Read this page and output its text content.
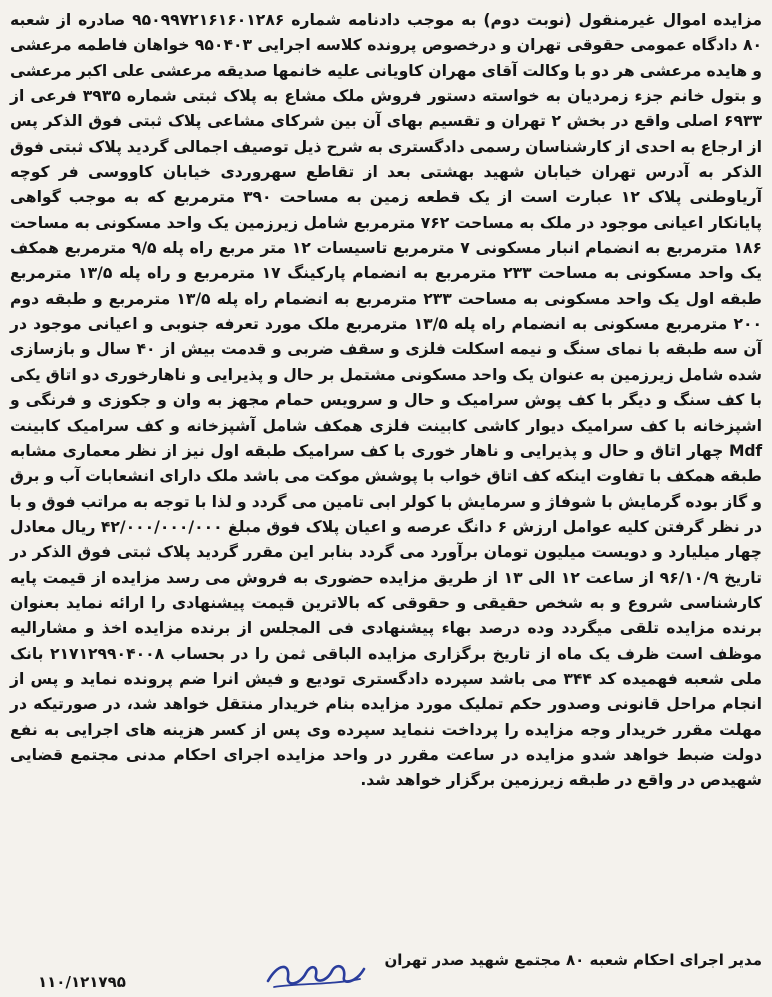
مزایده اموال غیرمنقول (نوبت دوم) به موجب دادنامه شماره ۹۵۰۹۹۷۲۱۶۱۶۰۱۲۸۶ صادره از شعبه ۸۰ دادگاه عمومی حقوقی تهران و درخصوص پرونده کلاسه اجرایی ۹۵۰۴۰۳ خواهان فاطمه مرعشی و هایده مرعشی هر دو با وکالت آقای مهران کاویانی علیه خانمها صدیقه مرعشی علی اکبر مرعشی و بتول خانم جزء زمردیان به خواسته دستور فروش ملک مشاع به پلاک ثبتی شماره ۳۹۳۵ فرعی از ۶۹۳۳ اصلی واقع در بخش ۲ تهران و تقسیم بهای آن بین شرکای مشاعی پلاک ثبتی فوق الذکر پس از ارجاع به احدی از کارشناسان رسمی دادگستری به شرح ذیل توصیف اجمالی گردید پلاک ثبتی فوق الذکر به آدرس تهران خیابان شهید بهشتی بعد از تقاطع سهروردی خیابان کاووسی فر کوچه آریاوطنی پلاک ۱۲ عبارت است از یک قطعه زمین به مساحت ۳۹۰ مترمربع که به موجب گواهی پایانکار اعیانی موجود در ملک به مساحت ۷۶۲ مترمربع شامل زیرزمین یک واحد مسکونی به مساحت ۱۸۶ مترمربع به انضمام انبار مسکونی ۷ مترمربع تاسیسات ۱۲ متر مربع راه پله ۹/۵ مترمربع همکف یک واحد مسکونی به مساحت ۲۳۳ مترمربع به انضمام پارکینگ ۱۷ مترمربع و راه پله ۱۳/۵ مترمربع طبقه اول یک واحد مسکونی به مساحت ۲۳۳ مترمربع به انضمام راه پله ۱۳/۵ مترمربع و طبقه دوم ۲۰۰ مترمربع مسکونی به انضمام راه پله ۱۳/۵ مترمربع ملک مورد تعرفه جنوبی و اعیانی موجود در آن سه طبقه با نمای سنگ و نیمه اسکلت فلزی و سقف ضربی و قدمت بیش از ۴۰ سال و بازسازی شده شامل زیرزمین به عنوان یک واحد مسکونی مشتمل بر حال و پذیرایی و ناهارخوری دو اتاق یکی با کف سنگ و دیگر با کف پوش سرامیک و حال و سرویس حمام مجهز به وان و جکوزی و فرنگی و اشپزخانه با کف سرامیک دیوار کاشی کابینت فلزی همکف شامل آشپزخانه و کف سرامیک کابینت Mdf چهار اتاق و حال و پذیرایی و ناهار خوری با کف سرامیک طبقه اول نیز از نظر معماری مشابه طبقه همکف با تفاوت اینکه کف اتاق خواب با پوشش موکت می باشد ملک دارای انشعابات آب و برق و گاز بوده گرمایش با شوفاژ و سرمایش با کولر ابی تامین می گردد و لذا با توجه به مراتب فوق و با در نظر گرفتن کلیه عوامل ارزش ۶ دانگ عرصه و اعیان پلاک فوق مبلغ ۴۲/۰۰۰/۰۰۰/۰۰۰ ریال معادل چهار میلیارد و دویست میلیون تومان برآورد می گردد بنابر این مقرر گردید پلاک ثبتی فوق الذکر در تاریخ ۹۶/۱۰/۹ از ساعت ۱۲ الی ۱۳ از طریق مزایده حضوری به فروش می رسد مزایده از قیمت پایه کارشناسی شروع و به شخص حقیقی و حقوقی که بالاترین قیمت پیشنهادی را ارائه نماید بعنوان برنده مزایده تلقی میگردد وده درصد بهاء پیشنهادی فی المجلس از برنده مزایده اخذ و مشارالیه موظف است ظرف یک ماه از تاریخ برگزاری مزایده الباقی ثمن را در بحساب ۲۱۷۱۲۹۹۰۴۰۰۸ بانک ملی شعبه فهمیده کد ۳۴۴ می باشد سپرده دادگستری تودیع و فیش انرا ضم پرونده نماید و پس از انجام مراحل قانونی وصدور حکم تملیک مورد مزایده بنام خریدار منتقل خواهد شد، در صورتیکه در مهلت مقرر خریدار وجه مزایده را پرداخت ننماید سپرده وی پس از کسر هزینه های اجرایی به نفع دولت ضبط خواهد شدو مزایده در ساعت مقرر در واحد مزایده اجرای احکام مدنی مجتمع قضایی شهیدص در واقع در طبقه زیرزمین برگزار خواهد شد.

مدیر اجرای احکام شعبه ۸۰ مجتمع شهید صدر تهران
۱۱۰/۱۲۱۷۹۵
